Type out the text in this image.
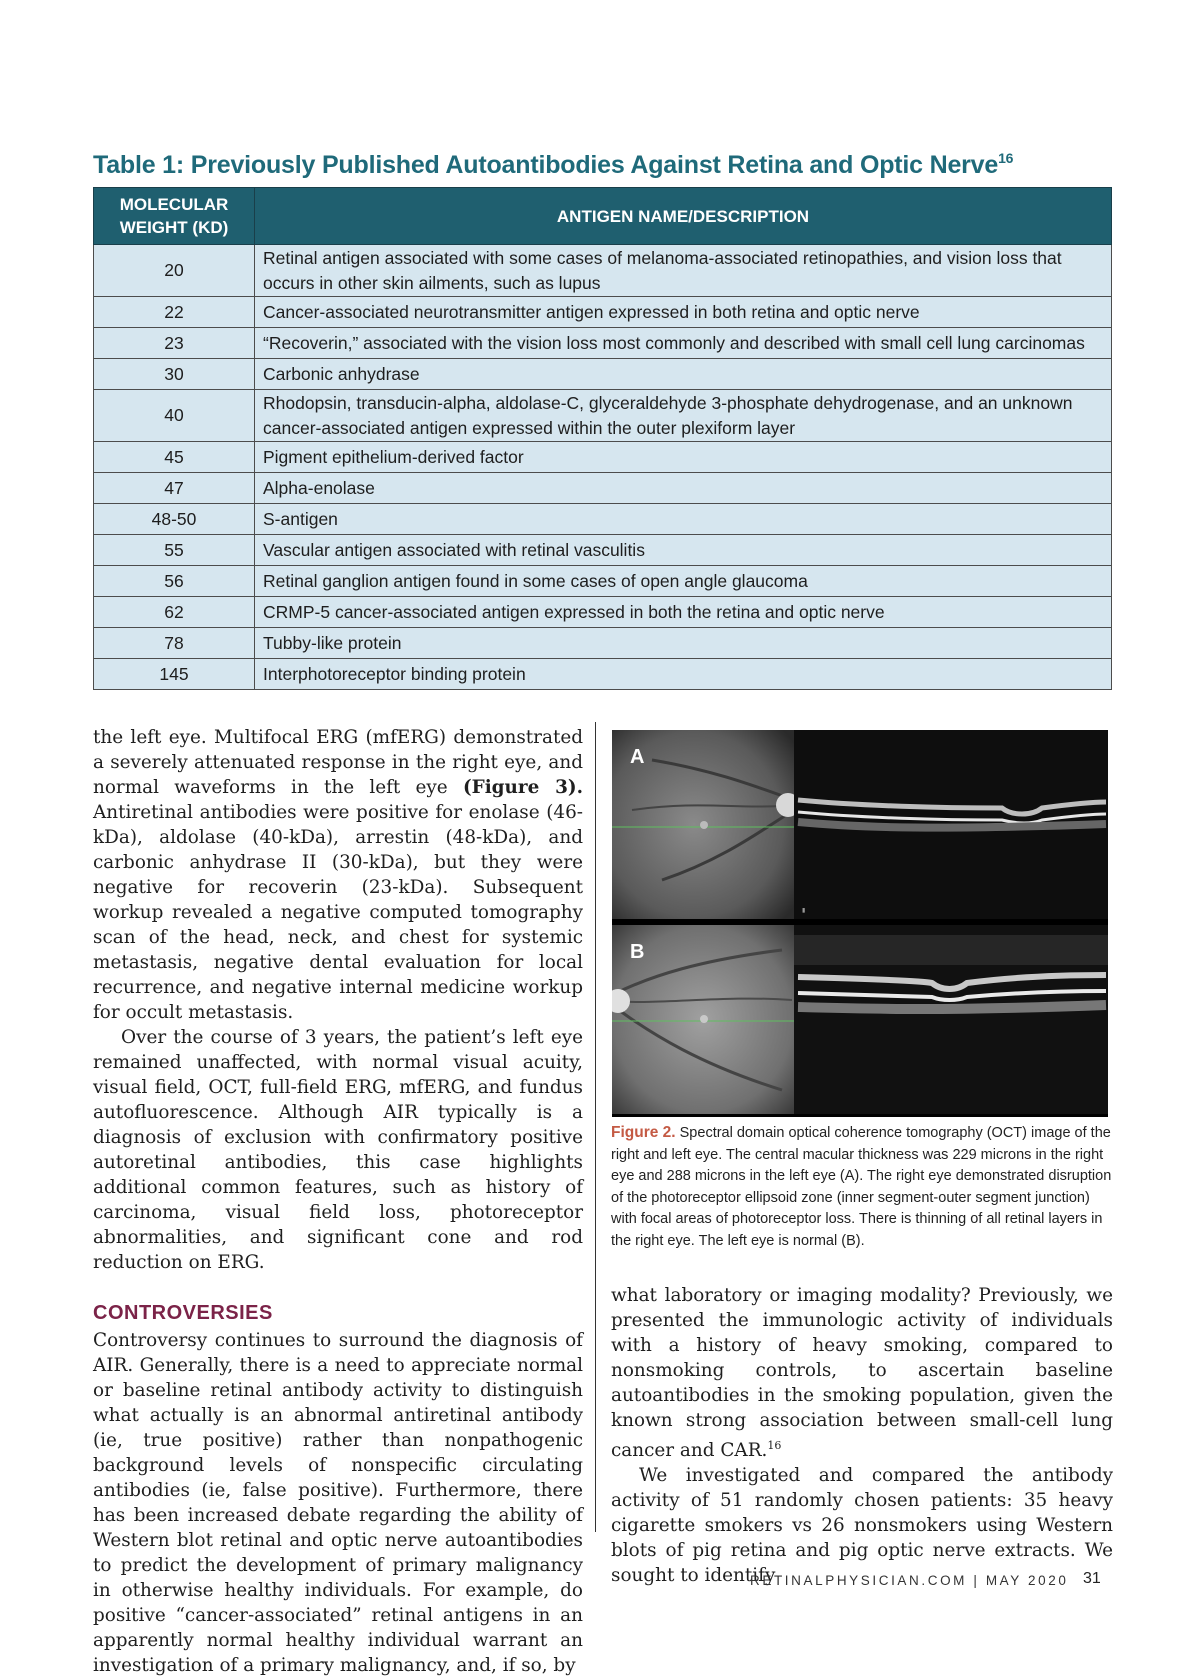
Table 1: Previously Published Autoantibodies Against Retina and Optic Nerve$^{16}$
MOLECULAR WEIGHT (KD)	ANTIGEN NAME/DESCRIPTION
20	Retinal antigen associated with some cases of melanoma-associated retinopathies, and vision loss that occurs in other skin ailments, such as lupus
22	Cancer-associated neurotransmitter antigen expressed in both retina and optic nerve
23	“Recoverin,” associated with the vision loss most commonly and described with small cell lung carcinomas
30	Carbonic anhydrase
40	Rhodopsin, transducin-alpha, aldolase-C, glyceraldehyde 3-phosphate dehydrogenase, and an unknown cancer-associated antigen expressed within the outer plexiform layer
45	Pigment epithelium-derived factor
47	Alpha-enolase
48-50	S-antigen
55	Vascular antigen associated with retinal vasculitis
56	Retinal ganglion antigen found in some cases of open angle glaucoma
62	CRMP-5 cancer-associated antigen expressed in both the retina and optic nerve
78	Tubby-like protein
145	Interphotoreceptor binding protein

the left eye. Multifocal ERG (mfERG) demonstrated a severely attenuated response in the right eye, and normal waveforms in the left eye (Figure 3). Antiretinal antibodies were positive for enolase (46-kDa), aldolase (40-kDa), arrestin (48-kDa), and carbonic anhydrase II (30-kDa), but they were negative for recoverin (23-kDa). Subsequent workup revealed a negative computed tomography scan of the head, neck, and chest for systemic metastasis, negative dental evaluation for local recurrence, and negative internal medicine workup for occult metastasis.

Over the course of 3 years, the patient’s left eye remained unaffected, with normal visual acuity, visual field, OCT, full-field ERG, mfERG, and fundus autofluorescence. Although AIR typically is a diagnosis of exclusion with confirmatory positive autoretinal antibodies, this case highlights additional common features, such as history of carcinoma, visual field loss, photoreceptor abnormalities, and significant cone and rod reduction on ERG.

CONTROVERSIES

Controversy continues to surround the diagnosis of AIR. Generally, there is a need to appreciate normal or baseline retinal antibody activity to distinguish what actually is an abnormal antiretinal antibody (ie, true positive) rather than nonpathogenic background levels of nonspecific circulating antibodies (ie, false positive). Furthermore, there has been increased debate regarding the ability of Western blot retinal and optic nerve autoantibodies to predict the development of primary malignancy in otherwise healthy individuals. For example, do positive “cancer-associated” retinal antigens in an apparently normal healthy individual warrant an investigation of a primary malignancy, and, if so, by

▮
A
B
Figure 2. Spectral domain optical coherence tomography (OCT) image of the right and left eye. The central macular thickness was 229 microns in the right eye and 288 microns in the left eye (A). The right eye demonstrated disruption of the photoreceptor ellipsoid zone (inner segment-outer segment junction) with focal areas of photoreceptor loss. There is thinning of all retinal layers in the right eye. The left eye is normal (B).

what laboratory or imaging modality? Previously, we presented the immunologic activity of individuals with a history of heavy smoking, compared to nonsmoking controls, to ascertain baseline autoantibodies in the smoking population, given the known strong association between small-cell lung cancer and CAR.$^{16}$

We investigated and compared the antibody activity of 51 randomly chosen patients: 35 heavy cigarette smokers vs 26 nonsmokers using Western blots of pig retina and pig optic nerve extracts. We sought to identify

RETINALPHYSICIAN.COM | MAY 2020 31
